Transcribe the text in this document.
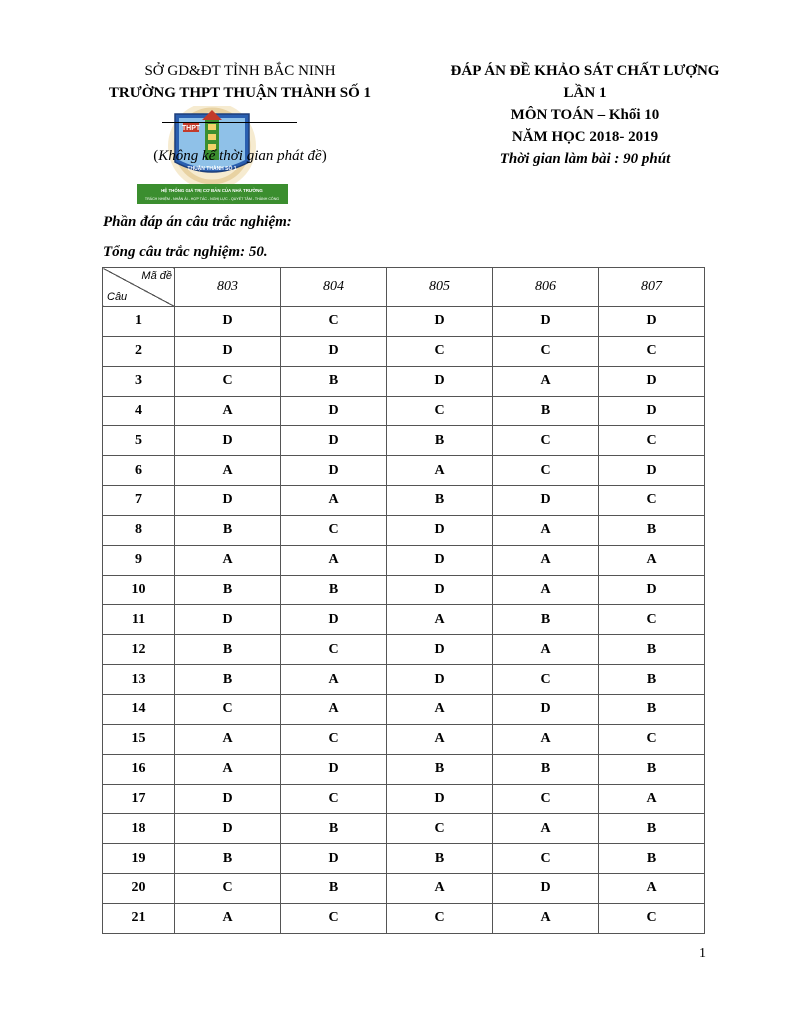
SỞ GD&ĐT TỈNH BẮC NINH
TRƯỜNG THPT THUẬN THÀNH SỐ 1
ĐÁP ÁN ĐỀ KHẢO SÁT CHẤT LƯỢNG
LẦN 1
MÔN TOÁN – Khối 10
NĂM HỌC 2018- 2019
Thời gian làm bài : 90 phút
THPT
THUẬN THÀNH SỐ 1
HỆ THỐNG GIÁ TRỊ CƠ BẢN CỦA NHÀ TRƯỜNG
TRÁCH NHIỆM - NHÂN ÁI - HỢP TÁC - NGHỊ LỰC - QUYẾT TÂM - THÀNH CÔNG
(Không kể thời gian phát đề)
Phần đáp án câu trắc nghiệm:
Tổng câu trắc nghiệm: 50.
Mã đề
Câu	803	804	805	806	807
1	D	C	D	D	D
2	D	D	C	C	C
3	C	B	D	A	D
4	A	D	C	B	D
5	D	D	B	C	C
6	A	D	A	C	D
7	D	A	B	D	C
8	B	C	D	A	B
9	A	A	D	A	A
10	B	B	D	A	D
11	D	D	A	B	C
12	B	C	D	A	B
13	B	A	D	C	B
14	C	A	A	D	B
15	A	C	A	A	C
16	A	D	B	B	B
17	D	C	D	C	A
18	D	B	C	A	B
19	B	D	B	C	B
20	C	B	A	D	A
21	A	C	C	A	C
1
